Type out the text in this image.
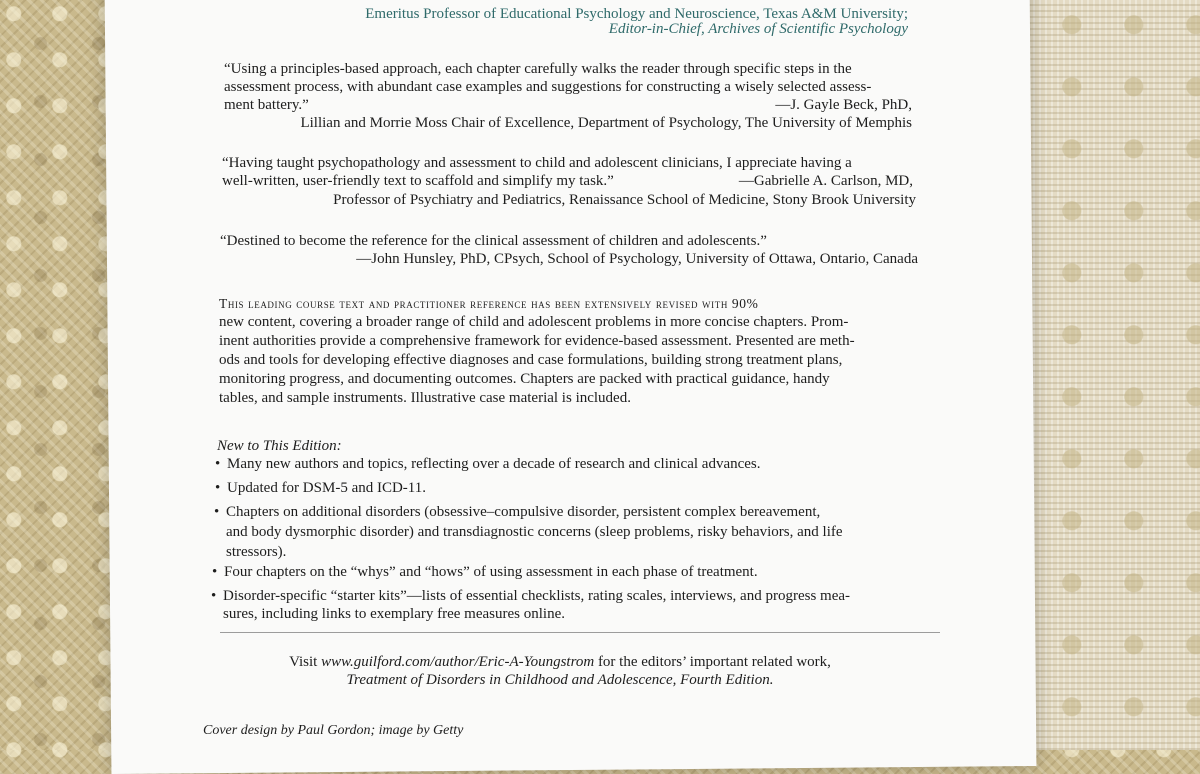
Emeritus Professor of Educational Psychology and Neuroscience, Texas A&M University;
Editor-in-Chief, Archives of Scientific Psychology
“Using a principles-based approach, each chapter carefully walks the reader through specific steps in the
assessment process, with abundant case examples and suggestions for constructing a wisely selected assess-
ment battery.”	—J. Gayle Beck, PhD,
Lillian and Morrie Moss Chair of Excellence, Department of Psychology, The University of Memphis
“Having taught psychopathology and assessment to child and adolescent clinicians, I appreciate having a
well-written, user-friendly text to scaffold and simplify my task.”	—Gabrielle A. Carlson, MD,
Professor of Psychiatry and Pediatrics, Renaissance School of Medicine, Stony Brook University
“Destined to become the reference for the clinical assessment of children and adolescents.”
—John Hunsley, PhD, CPsych, School of Psychology, University of Ottawa, Ontario, Canada
This leading course text and practitioner reference has been extensively revised with 90%
new content, covering a broader range of child and adolescent problems in more concise chapters. Prom-
inent authorities provide a comprehensive framework for evidence-based assessment. Presented are meth-
ods and tools for developing effective diagnoses and case formulations, building strong treatment plans,
monitoring progress, and documenting outcomes. Chapters are packed with practical guidance, handy
tables, and sample instruments. Illustrative case material is included.
New to This Edition:
• Many new authors and topics, reflecting over a decade of research and clinical advances.
• Updated for DSM-5 and ICD-11.
• Chapters on additional disorders (obsessive–compulsive disorder, persistent complex bereavement,
and body dysmorphic disorder) and transdiagnostic concerns (sleep problems, risky behaviors, and life
stressors).
• Four chapters on the “whys” and “hows” of using assessment in each phase of treatment.
• Disorder-specific “starter kits”—lists of essential checklists, rating scales, interviews, and progress mea-
sures, including links to exemplary free measures online.
Visit www.guilford.com/author/Eric-A-Youngstrom for the editors’ important related work,
Treatment of Disorders in Childhood and Adolescence, Fourth Edition.
Cover design by Paul Gordon; image by Getty
